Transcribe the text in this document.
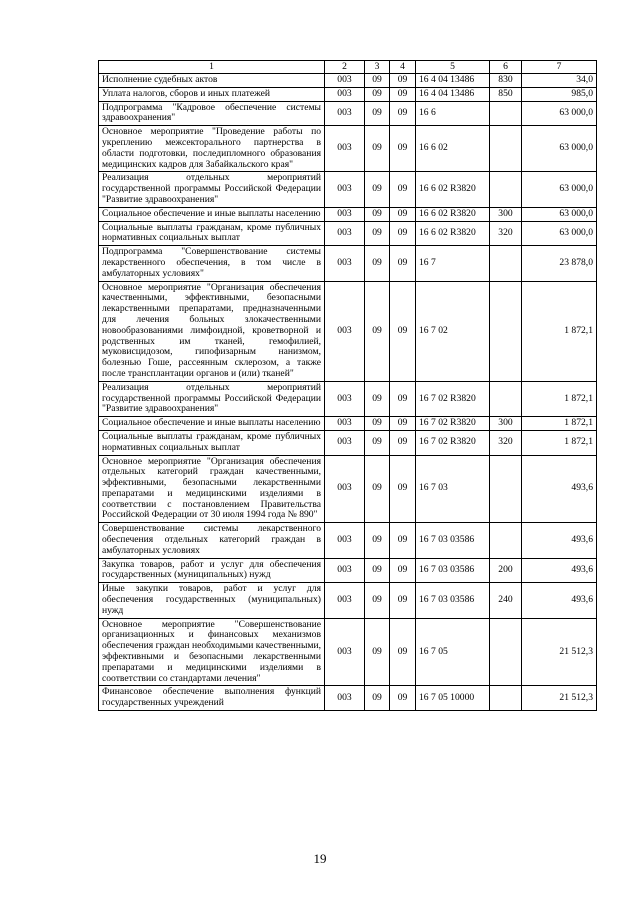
1	2	3	4	5	6	7
Исполнение судебных актов	003	09	09	16 4 04 13486	830	34,0
Уплата налогов, сборов и иных платежей	003	09	09	16 4 04 13486	850	985,0
Подпрограмма "Кадровое обеспечение системы здравоохранения"	003	09	09	16 6		63 000,0
Основное мероприятие "Проведение работы по укреплению межсекторального партнерства в области подготовки, последипломного образования медицинских кадров для Забайкальского края"	003	09	09	16 6 02		63 000,0
Реализация отдельных мероприятий государственной программы Российской Федерации "Развитие здравоохранения"	003	09	09	16 6 02 R3820		63 000,0
Социальное обеспечение и иные выплаты населению	003	09	09	16 6 02 R3820	300	63 000,0
Социальные выплаты гражданам, кроме публичных нормативных социальных выплат	003	09	09	16 6 02 R3820	320	63 000,0
Подпрограмма "Совершенствование системы лекарственного обеспечения, в том числе в амбулаторных условиях"	003	09	09	16 7		23 878,0
Основное мероприятие "Организация обеспечения качественными, эффективными, безопасными лекарственными препаратами, предназначенными для лечения больных злокачественными новообразованиями лимфоидной, кроветворной и родственных им тканей, гемофилией, муковисцидозом, гипофизарным нанизмом, болезнью Гоше, рассеянным склерозом, а также после трансплантации органов и (или) тканей"	003	09	09	16 7 02		1 872,1
Реализация отдельных мероприятий государственной программы Российской Федерации "Развитие здравоохранения"	003	09	09	16 7 02 R3820		1 872,1
Социальное обеспечение и иные выплаты населению	003	09	09	16 7 02 R3820	300	1 872,1
Социальные выплаты гражданам, кроме публичных нормативных социальных выплат	003	09	09	16 7 02 R3820	320	1 872,1
Основное мероприятие "Организация обеспечения отдельных категорий граждан качественными, эффективными, безопасными лекарственными препаратами и медицинскими изделиями в соответствии с постановлением Правительства Российской Федерации от 30 июля 1994 года № 890"	003	09	09	16 7 03		493,6
Совершенствование системы лекарственного обеспечения отдельных категорий граждан в амбулаторных условиях	003	09	09	16 7 03 03586		493,6
Закупка товаров, работ и услуг для обеспечения государственных (муниципальных) нужд	003	09	09	16 7 03 03586	200	493,6
Иные закупки товаров, работ и услуг для обеспечения государственных (муниципальных) нужд	003	09	09	16 7 03 03586	240	493,6
Основное мероприятие "Совершенствование организационных и финансовых механизмов обеспечения граждан необходимыми качественными, эффективными и безопасными лекарственными препаратами и медицинскими изделиями в соответствии со стандартами лечения"	003	09	09	16 7 05		21 512,3
Финансовое обеспечение выполнения функций государственных учреждений	003	09	09	16 7 05 10000		21 512,3
19
